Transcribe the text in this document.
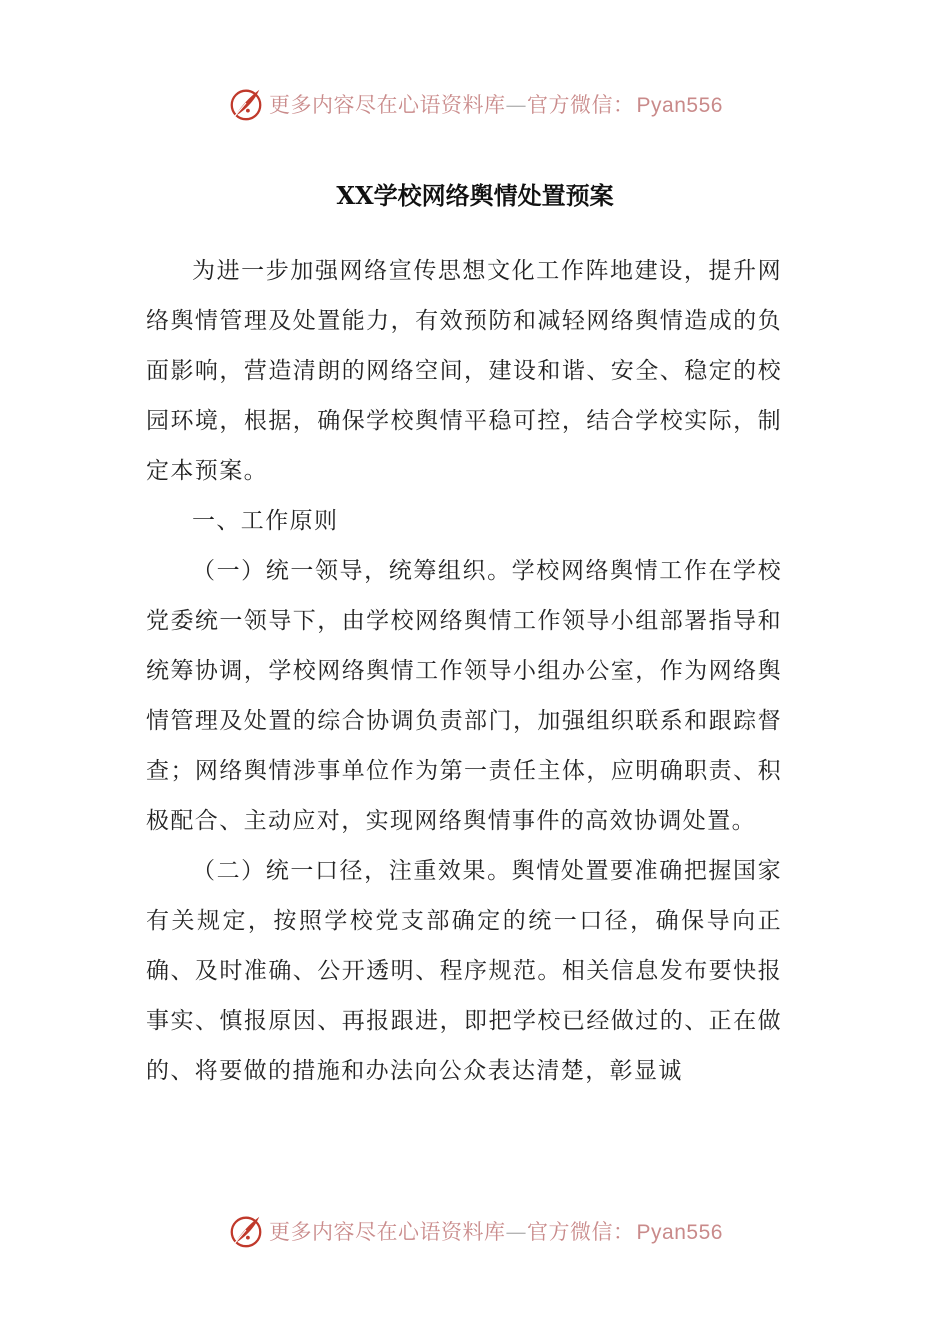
更多内容尽在心语资料库—官方微信：Pyan556
XX学校网络舆情处置预案

为进一步加强网络宣传思想文化工作阵地建设，提升网络舆情管理及处置能力，有效预防和减轻网络舆情造成的负面影响，营造清朗的网络空间，建设和谐、安全、稳定的校园环境，根据，确保学校舆情平稳可控，结合学校实际，制定本预案。

一、工作原则

（一）统一领导，统筹组织。学校网络舆情工作在学校党委统一领导下，由学校网络舆情工作领导小组部署指导和统筹协调，学校网络舆情工作领导小组办公室，作为网络舆情管理及处置的综合协调负责部门，加强组织联系和跟踪督查；网络舆情涉事单位作为第一责任主体，应明确职责、积极配合、主动应对，实现网络舆情事件的高效协调处置。

（二）统一口径，注重效果。舆情处置要准确把握国家有关规定，按照学校党支部确定的统一口径，确保导向正确、及时准确、公开透明、程序规范。相关信息发布要快报事实、慎报原因、再报跟进，即把学校已经做过的、正在做的、将要做的措施和办法向公众表达清楚，彰显诚

更多内容尽在心语资料库—官方微信：Pyan556
